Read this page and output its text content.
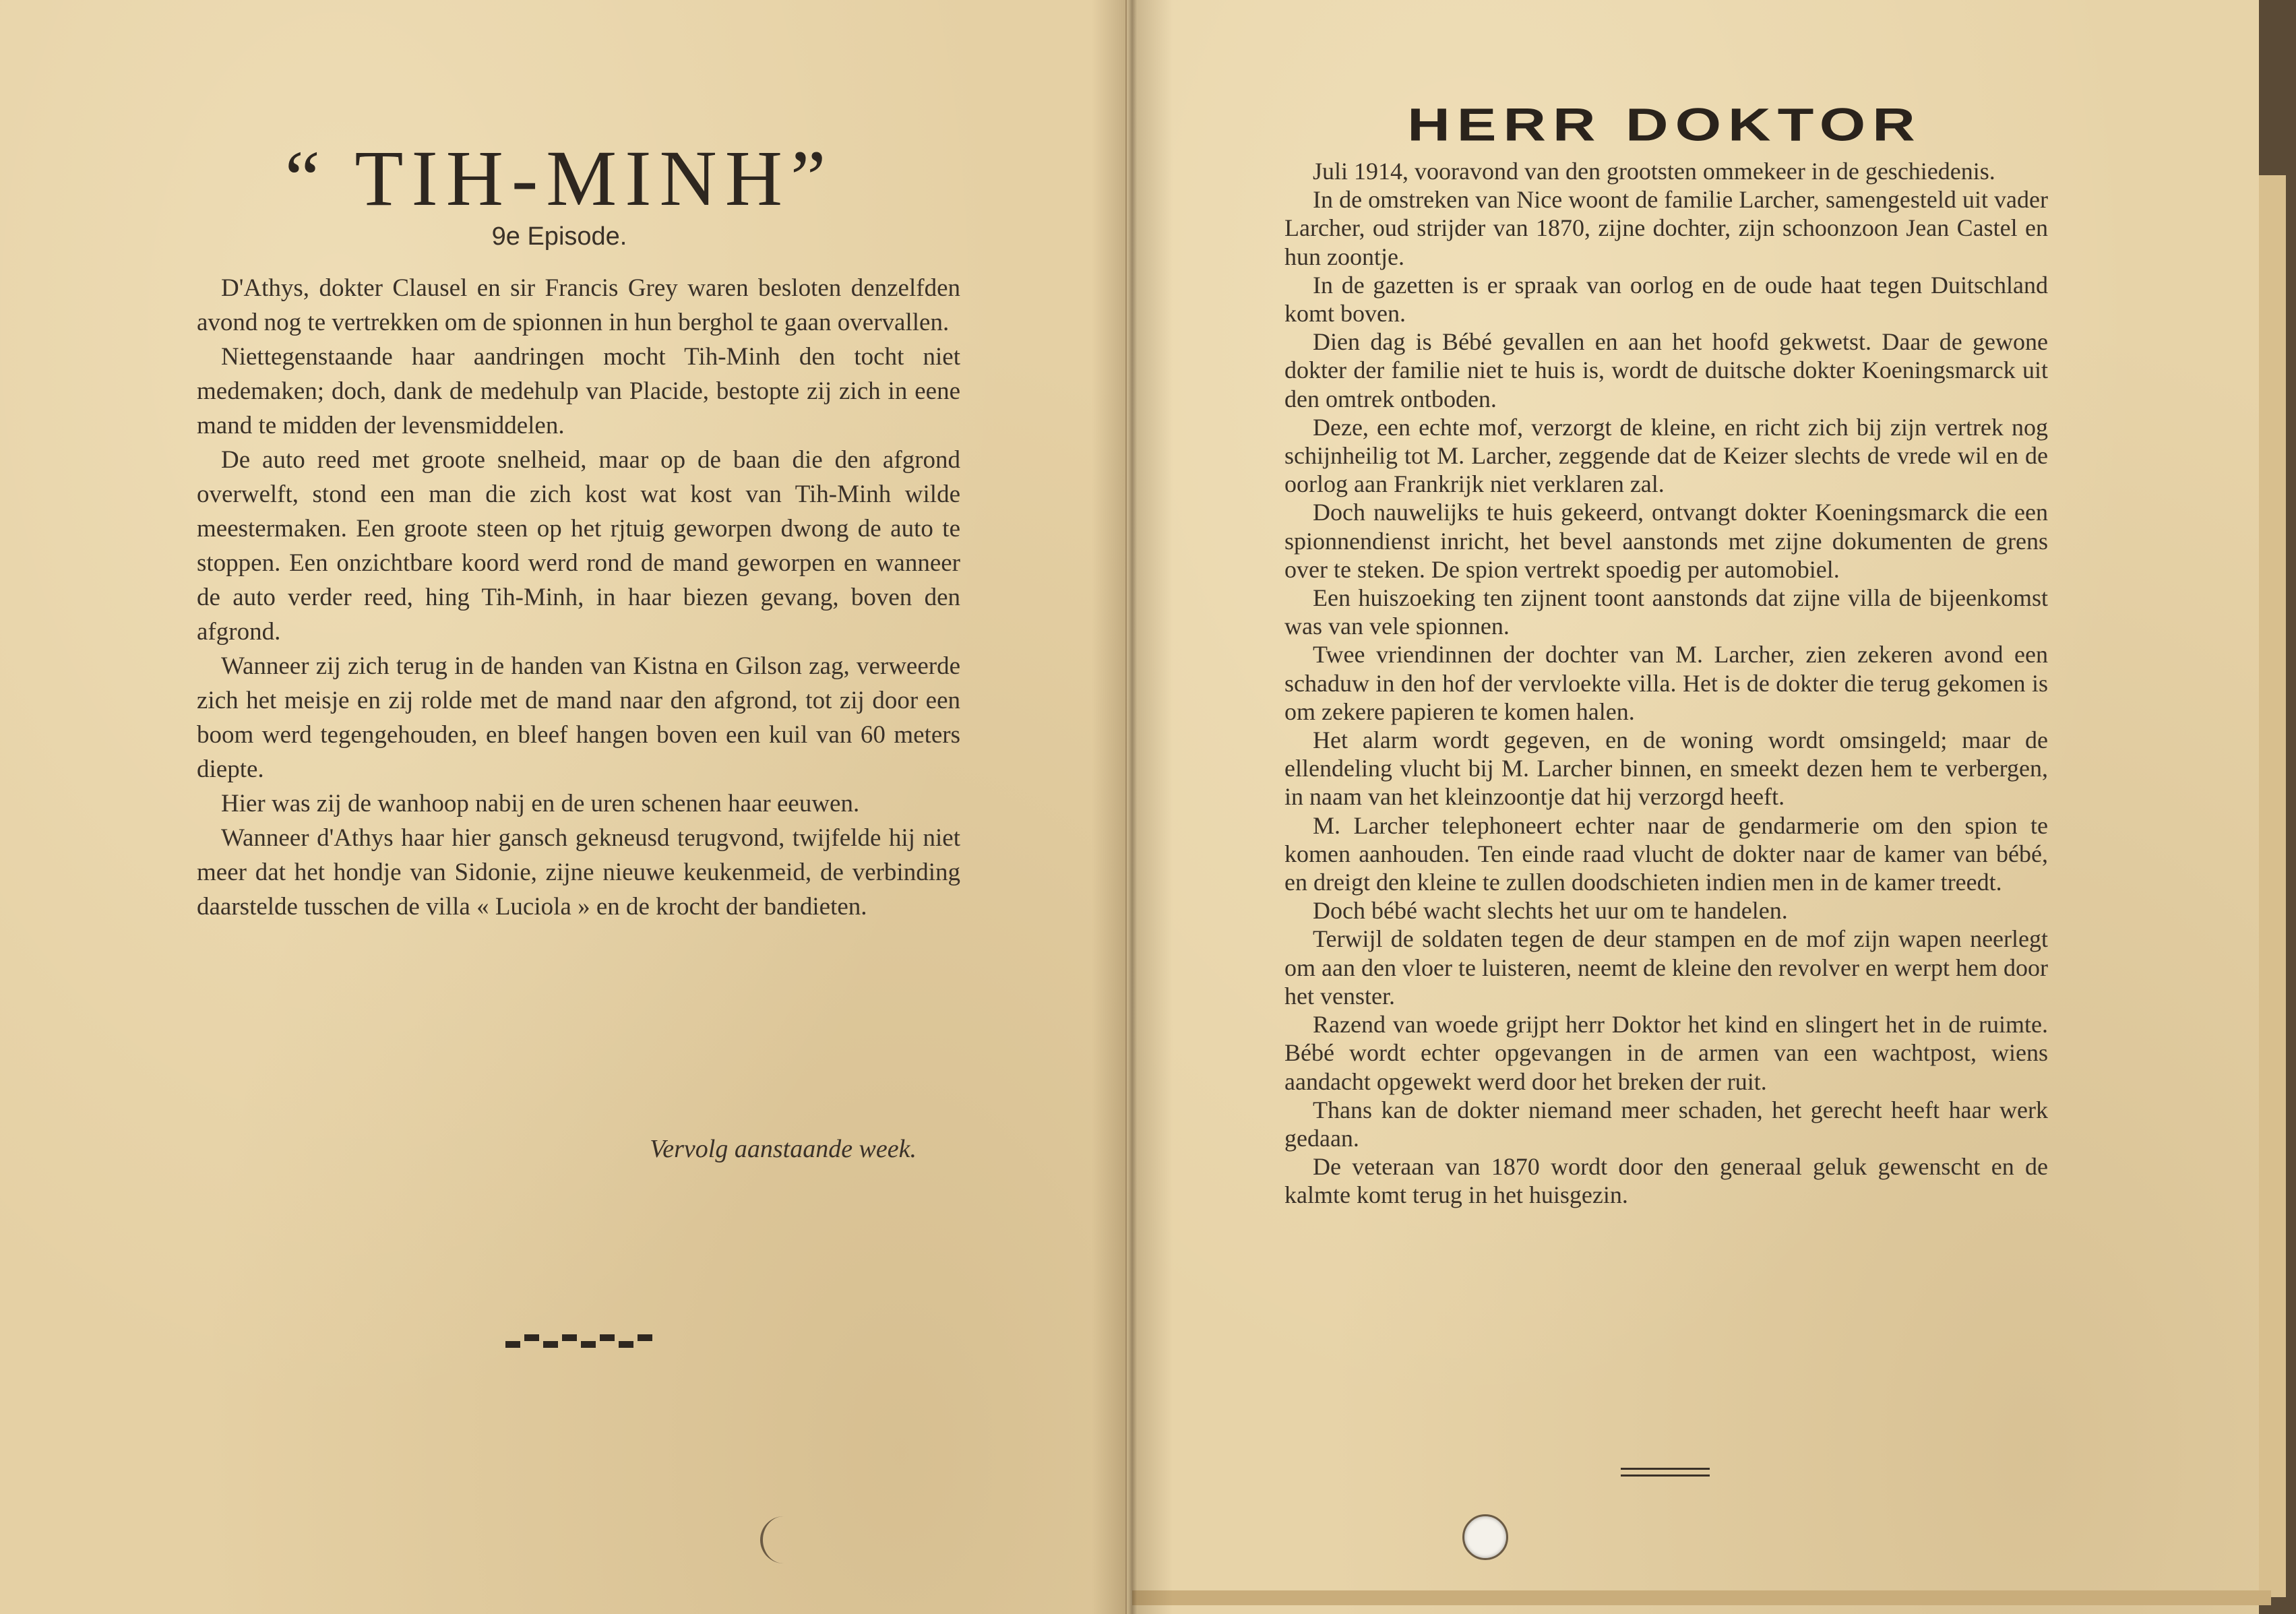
“ TIH-MINH”
9e Episode.

D'Athys, dokter Clausel en sir Francis Grey waren besloten denzelfden avond nog te vertrekken om de spionnen in hun berghol te gaan overvallen.

Niettegenstaande haar aandringen mocht Tih-Minh den tocht niet medemaken; doch, dank de medehulp van Placide, bestopte zij zich in eene mand te midden der levensmiddelen.

De auto reed met groote snelheid, maar op de baan die den afgrond overwelft, stond een man die zich kost wat kost van Tih-Minh wilde meestermaken. Een groote steen op het rjtuig geworpen dwong de auto te stoppen. Een onzichtbare koord werd rond de mand geworpen en wanneer de auto verder reed, hing Tih-Minh, in haar biezen gevang, boven den afgrond.

Wanneer zij zich terug in de handen van Kistna en Gilson zag, verweerde zich het meisje en zij rolde met de mand naar den afgrond, tot zij door een boom werd tegengehouden, en bleef hangen boven een kuil van 60 meters diepte.

Hier was zij de wanhoop nabij en de uren schenen haar eeuwen.

Wanneer d'Athys haar hier gansch gekneusd terugvond, twijfelde hij niet meer dat het hondje van Sidonie, zijne nieuwe keukenmeid, de verbinding daarstelde tusschen de villa « Luciola » en de krocht der bandieten.

Vervolg aanstaande week.
HERR DOKTOR

Juli 1914, vooravond van den grootsten ommekeer in de geschiedenis.

In de omstreken van Nice woont de familie Larcher, samengesteld uit vader Larcher, oud strijder van 1870, zijne dochter, zijn schoonzoon Jean Castel en hun zoontje.

In de gazetten is er spraak van oorlog en de oude haat tegen Duitschland komt boven.

Dien dag is Bébé gevallen en aan het hoofd gekwetst. Daar de gewone dokter der familie niet te huis is, wordt de duitsche dokter Koeningsmarck uit den omtrek ontboden.

Deze, een echte mof, verzorgt de kleine, en richt zich bij zijn vertrek nog schijnheilig tot M. Larcher, zeggende dat de Keizer slechts de vrede wil en de oorlog aan Frankrijk niet verklaren zal.

Doch nauwelijks te huis gekeerd, ontvangt dokter Koeningsmarck die een spionnendienst inricht, het bevel aanstonds met zijne dokumenten de grens over te steken. De spion vertrekt spoedig per automobiel.

Een huiszoeking ten zijnent toont aanstonds dat zijne villa de bijeenkomst was van vele spionnen.

Twee vriendinnen der dochter van M. Larcher, zien zekeren avond een schaduw in den hof der vervloekte villa. Het is de dokter die terug gekomen is om zekere papieren te komen halen.

Het alarm wordt gegeven, en de woning wordt omsingeld; maar de ellendeling vlucht bij M. Larcher binnen, en smeekt dezen hem te verbergen, in naam van het kleinzoontje dat hij verzorgd heeft.

M. Larcher telephoneert echter naar de gendarmerie om den spion te komen aanhouden. Ten einde raad vlucht de dokter naar de kamer van bébé, en dreigt den kleine te zullen doodschieten indien men in de kamer treedt.

Doch bébé wacht slechts het uur om te handelen.

Terwijl de soldaten tegen de deur stampen en de mof zijn wapen neerlegt om aan den vloer te luisteren, neemt de kleine den revolver en werpt hem door het venster.

Razend van woede grijpt herr Doktor het kind en slingert het in de ruimte. Bébé wordt echter opgevangen in de armen van een wachtpost, wiens aandacht opgewekt werd door het breken der ruit.

Thans kan de dokter niemand meer schaden, het gerecht heeft haar werk gedaan.

De veteraan van 1870 wordt door den generaal geluk gewenscht en de kalmte komt terug in het huisgezin.
